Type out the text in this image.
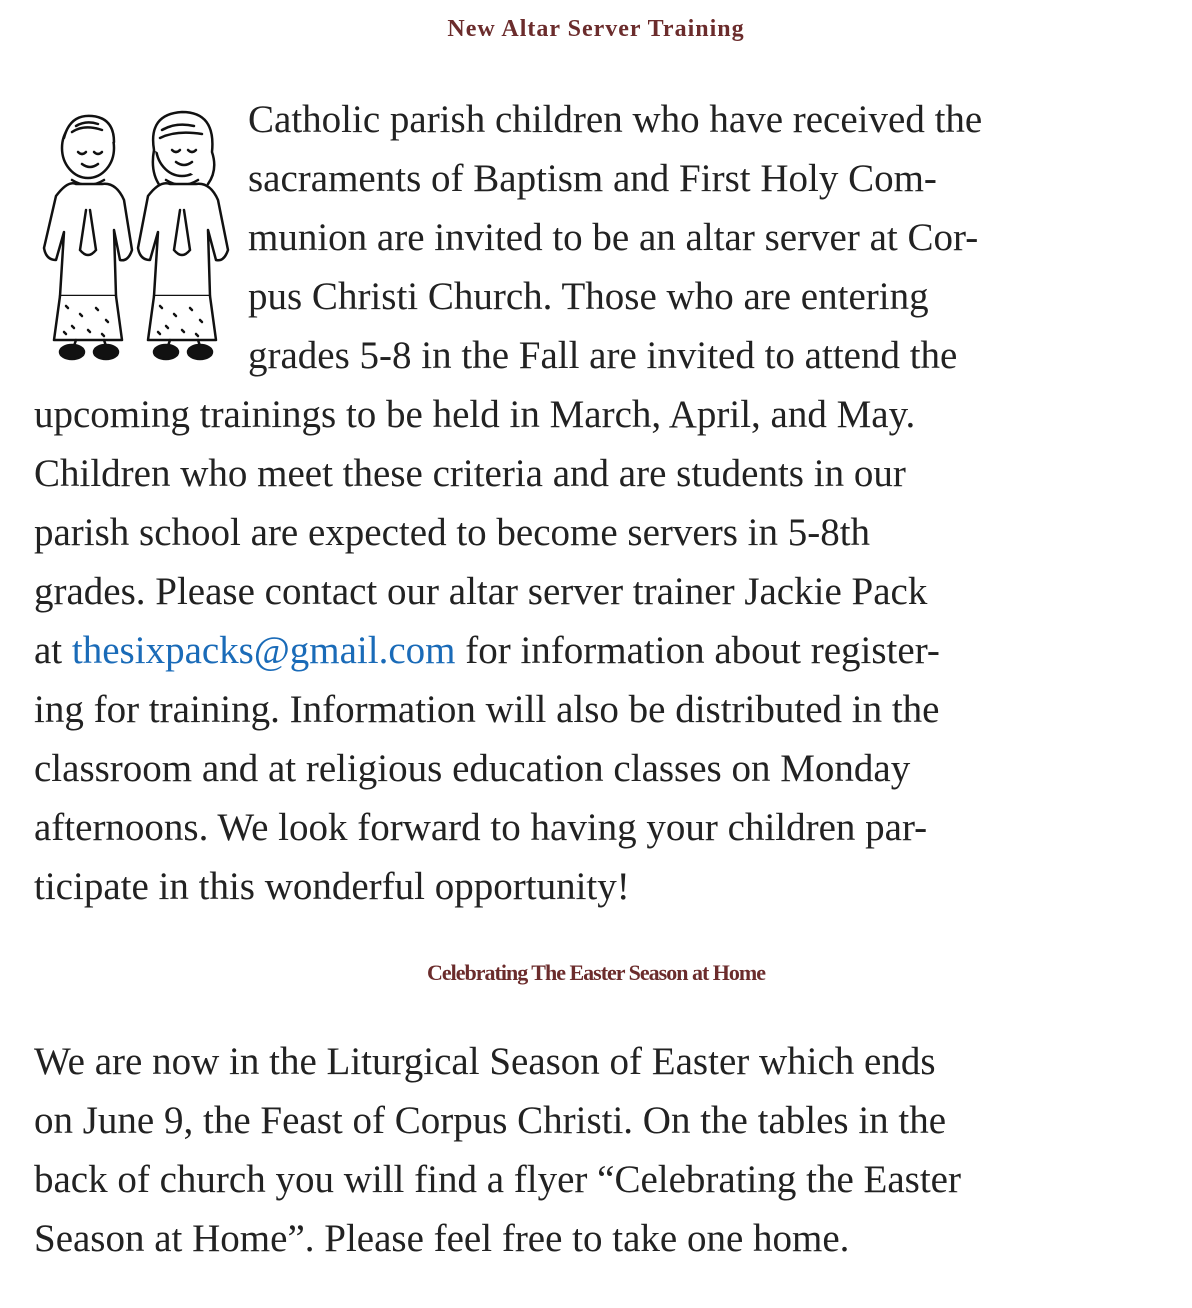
New Altar Server Training
Catholic parish children who have received the
sacraments of Baptism and First Holy Com-
munion are invited to be an altar server at Cor-
pus Christi Church. Those who are entering
grades 5-8 in the Fall are invited to attend the
upcoming trainings to be held in March, April, and May.
Children who meet these criteria and are students in our
parish school are expected to become servers in 5-8th
grades. Please contact our altar server trainer Jackie Pack
at thesixpacks@gmail.com for information about register-
ing for training. Information will also be distributed in the
classroom and at religious education classes on Monday
afternoons. We look forward to having your children par-
ticipate in this wonderful opportunity!
Celebrating The Easter Season at Home
We are now in the Liturgical Season of Easter which ends
on June 9, the Feast of Corpus Christi. On the tables in the
back of church you will find a flyer “Celebrating the Easter
Season at Home”. Please feel free to take one home.
